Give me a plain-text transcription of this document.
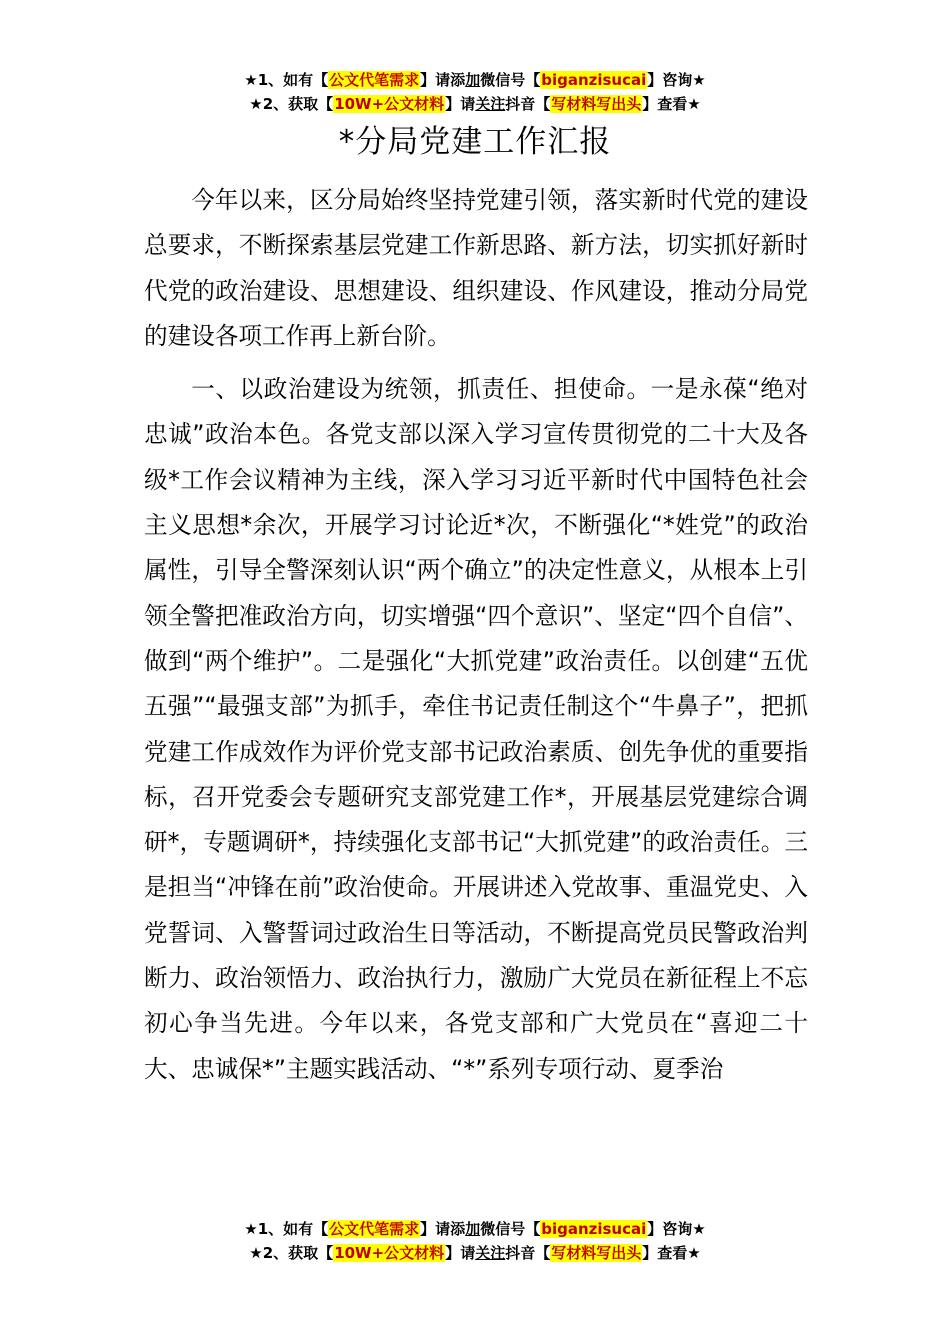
★1、如有【公文代笔需求】请添加微信号【biganzisucai】咨询★
★2、获取【10W+公文材料】请关注抖音【写材料写出头】查看★
*分局党建工作汇报

今年以来，区分局始终坚持党建引领，落实新时代党的建设总要求，不断探索基层党建工作新思路、新方法，切实抓好新时代党的政治建设、思想建设、组织建设、作风建设，推动分局党的建设各项工作再上新台阶。

一、以政治建设为统领，抓责任、担使命。一是永葆“绝对忠诚”政治本色。各党支部以深入学习宣传贯彻党的二十大及各级*工作会议精神为主线，深入学习习近平新时代中国特色社会主义思想*余次，开展学习讨论近*次，不断强化“*姓党”的政治属性，引导全警深刻认识“两个确立”的决定性意义，从根本上引领全警把准政治方向，切实增强“四个意识”、坚定“四个自信”、做到“两个维护”。二是强化“大抓党建”政治责任。以创建“五优五强”“最强支部”为抓手，牵住书记责任制这个“牛鼻子”，把抓党建工作成效作为评价党支部书记政治素质、创先争优的重要指标，召开党委会专题研究支部党建工作*，开展基层党建综合调研*，专题调研*，持续强化支部书记“大抓党建”的政治责任。三是担当“冲锋在前”政治使命。开展讲述入党故事、重温党史、入党誓词、入警誓词过政治生日等活动，不断提高党员民警政治判断力、政治领悟力、政治执行力，激励广大党员在新征程上不忘初心争当先进。今年以来，各党支部和广大党员在“喜迎二十大、忠诚保*”主题实践活动、“*”系列专项行动、夏季治

★1、如有【公文代笔需求】请添加微信号【biganzisucai】咨询★
★2、获取【10W+公文材料】请关注抖音【写材料写出头】查看★
